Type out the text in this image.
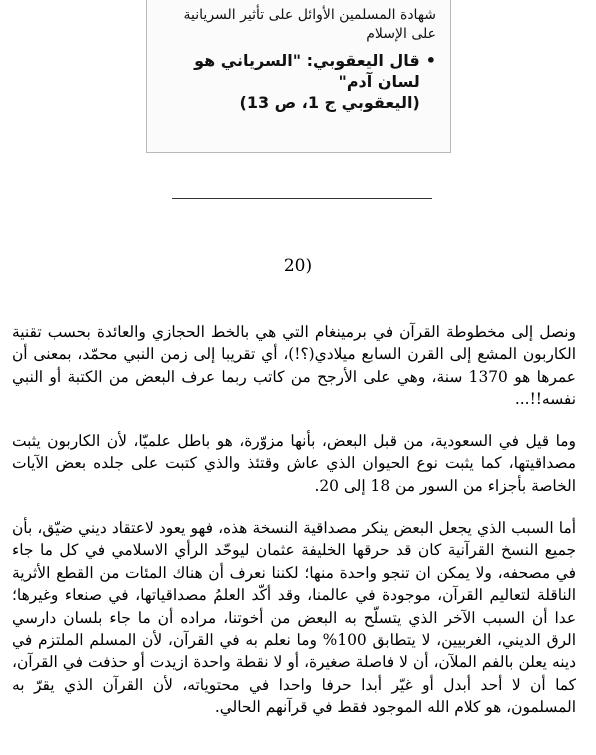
شهادة المسلمين الأوائل على تأثير السريانية على الإسلام

•
قال اليعقوبي: "السرياني هو لسان آدم"
(اليعقوبي ج 1، ص 13)
(20

ونصل إلى مخطوطة القرآن في برمينغام التي هي بالخط الحجازي والعائدة بحسب تقنية الكاربون المشع إلى القرن السابع ميلادي(؟!)، أي تقريبا إلى زمن النبي محمّد، بمعنى أن عمرها هو 1370 سنة، وهي على الأرجح من كاتب ربما عرف البعض من الكتبة أو النبي نفسه!!...

وما قيل في السعودية، من قبل البعض، بأنها مزوّرة، هو باطل علميّا، لأن الكاربون يثبت مصداقيتها، كما يثبت نوع الحيوان الذي عاش وقتئذ والذي كتبت على جلده بعض الآيات الخاصة بأجزاء من السور من 18 إلى 20.

أما السبب الذي يجعل البعض ينكر مصداقية النسخة هذه، فهو يعود لاعتقاد ديني ضيّق، بأن جميع النسخ القرآنية كان قد حرقها الخليفة عثمان ليوحّد الرأي الاسلامي في كل ما جاء في مصحفه، ولا يمكن ان تنجو واحدة منها؛ لكننا نعرف أن هناك المئات من القطع الأثرية الناقلة لتعاليم القرآن، موجودة في عالمنا، وقد أكّد العلمُ مصداقياتها، في صنعاء وغيرها؛ عدا أن السبب الآخر الذي يتسلّح به البعض من أخوتنا، مراده أن ما جاء بلسان دارسي الرق الديني، الغربيين، لا يتطابق 100% وما نعلم به في القرآن، لأن المسلم الملتزم في دينه يعلن بالفم الملآن، أن لا فاصلة صغيرة، أو لا نقطة واحدة ازيدت أو حذفت في القرآن، كما أن لا أحد أبدل أو غيّر أبدا حرفا واحدا في محتوياته، لأن القرآن الذي يقرّ به المسلمون، هو كلام الله الموجود فقط في قرآنهم الحالي.
